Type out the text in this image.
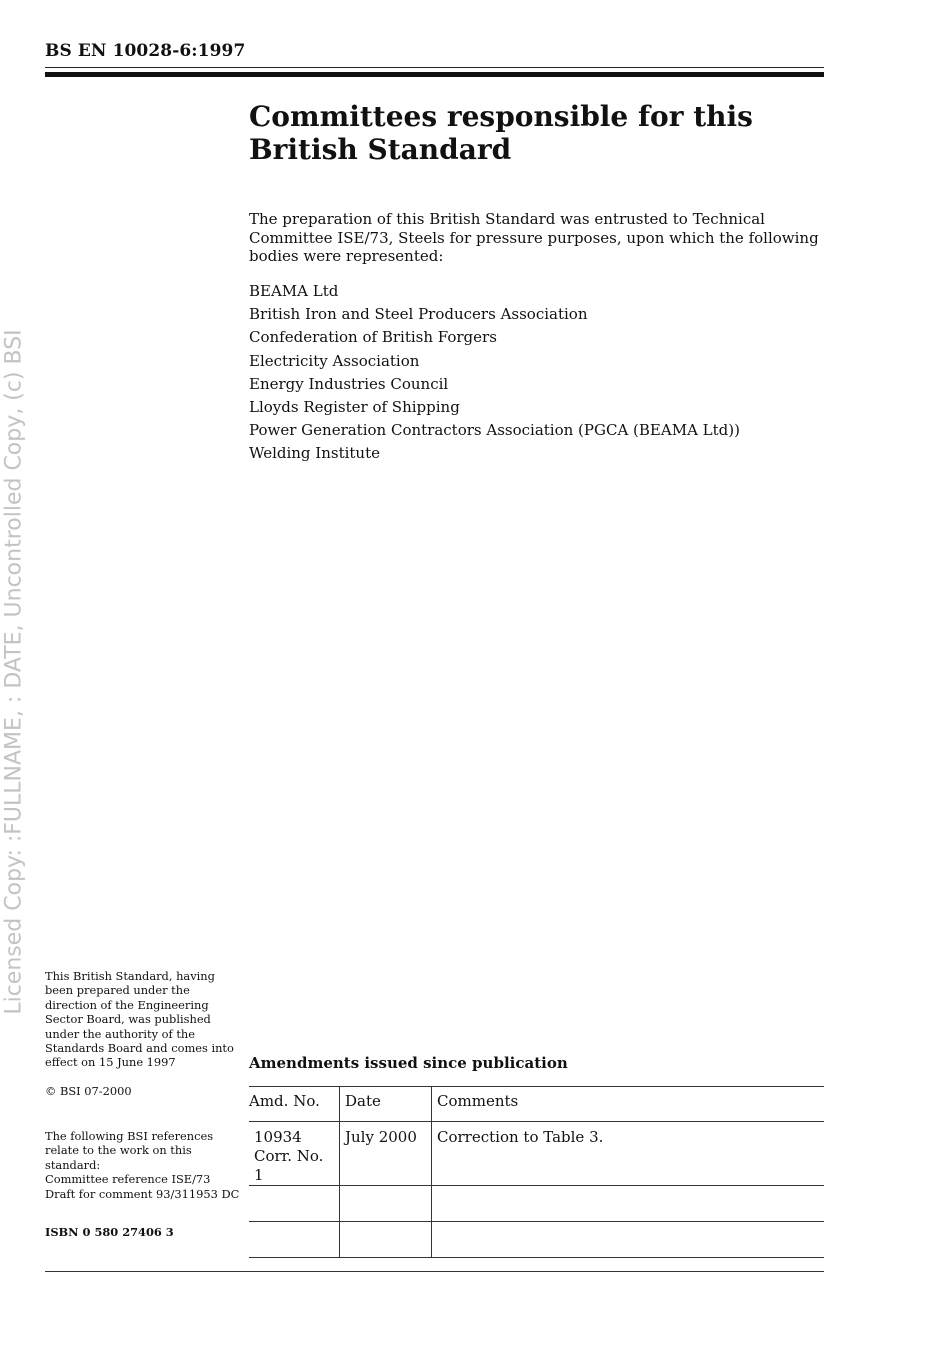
BS EN 10028-6:1997
Committees responsible for this British Standard

The preparation of this British Standard was entrusted to Technical Committee ISE/73, Steels for pressure purposes, upon which the following bodies were represented:

BEAMA Ltd
British Iron and Steel Producers Association
Confederation of British Forgers
Electricity Association
Energy Industries Council
Lloyds Register of Shipping
Power Generation Contractors Association (PGCA (BEAMA Ltd))
Welding Institute
Licensed Copy: :FULLNAME, : DATE, Uncontrolled Copy, (c) BSI This British Standard, having been prepared under the direction of the Engineering Sector Board, was published under the authority of the Standards Board and comes into effect on 15 June 1997
© BSI 07-2000
The following BSI references relate to the work on this standard:
Committee reference ISE/73
Draft for comment 93/311953 DC
ISBN 0 580 27406 3
Amendments issued since publication
Amd. No.	Date	Comments

10934
Corr. No. 1	July 2000	Correction to Table 3.
